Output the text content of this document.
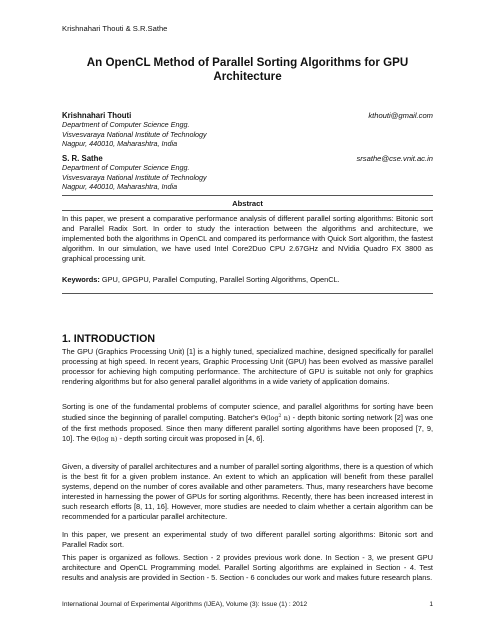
Krishnahari Thouti & S.R.Sathe
An OpenCL Method of Parallel Sorting Algorithms for GPU Architecture
Krishnahari Thouti	kthouti@gmail.com
Department of Computer Science Engg.
Visvesvaraya National Institute of Technology
Nagpur, 440010, Maharashtra, India
S. R. Sathe	srsathe@cse.vnit.ac.in
Department of Computer Science Engg.
Visvesvaraya National Institute of Technology
Nagpur, 440010, Maharashtra, India
Abstract

In this paper, we present a comparative performance analysis of different parallel sorting algorithms: Bitonic sort and Parallel Radix Sort. In order to study the interaction between the algorithms and architecture, we implemented both the algorithms in OpenCL and compared its performance with Quick Sort algorithm, the fastest algorithm. In our simulation, we have used Intel Core2Duo CPU 2.67GHz and NVidia Quadro FX 3800 as graphical processing unit.

Keywords: GPU, GPGPU, Parallel Computing, Parallel Sorting Algorithms, OpenCL.

1. INTRODUCTION

The GPU (Graphics Processing Unit) [1] is a highly tuned, specialized machine, designed specifically for parallel processing at high speed. In recent years, Graphic Processing Unit (GPU) has been evolved as massive parallel processor for achieving high computing performance. The architecture of GPU is suitable not only for graphics rendering algorithms but for also general parallel algorithms in a wide variety of application domains.

Sorting is one of the fundamental problems of computer science, and parallel algorithms for sorting have been studied since the beginning of parallel computing. Batcher's $\Theta(\log^2$ n) - depth bitonic sorting network [2] was one of the first methods proposed. Since then many different parallel sorting algorithms have been proposed [7, 9, 10]. The Θ(log n) - depth sorting circuit was proposed in [4, 6].

Given, a diversity of parallel architectures and a number of parallel sorting algorithms, there is a question of which is the best fit for a given problem instance. An extent to which an application will benefit from these parallel systems, depend on the number of cores available and other parameters. Thus, many researchers have become interested in harnessing the power of GPUs for sorting algorithms. Recently, there has been increased interest in such research efforts [8, 11, 16]. However, more studies are needed to claim whether a certain algorithm can be recommended for a particular parallel architecture.

In this paper, we present an experimental study of two different parallel sorting algorithms: Bitonic sort and Parallel Radix sort.

This paper is organized as follows. Section - 2 provides previous work done. In Section - 3, we present GPU architecture and OpenCL Programming model. Parallel Sorting algorithms are explained in Section - 4. Test results and analysis are provided in Section - 5. Section - 6 concludes our work and makes future research plans.

International Journal of Experimental Algorithms (IJEA), Volume (3): Issue (1) : 2012	1
